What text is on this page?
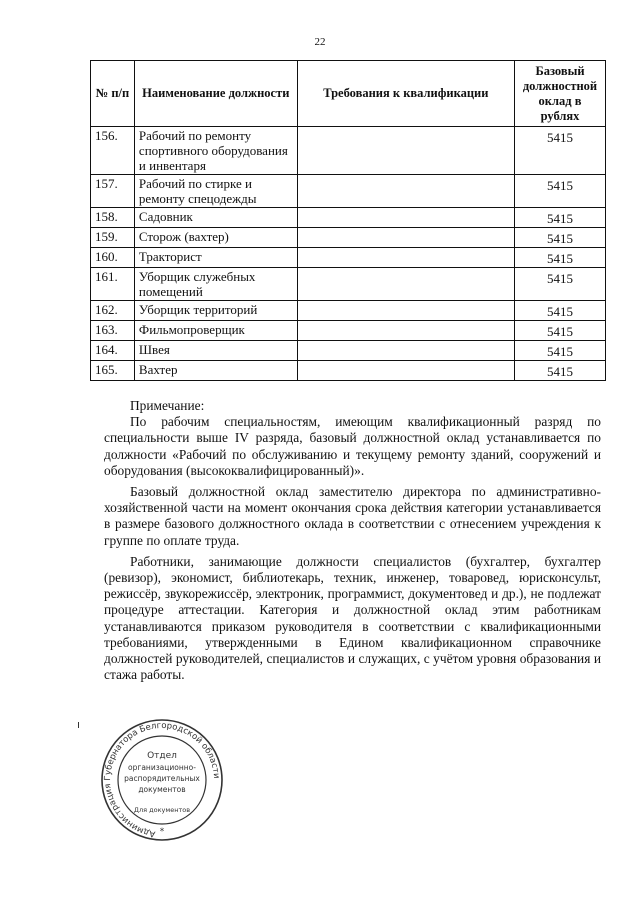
22
№ п/п	Наименование должности	Требования к квалификации	Базовый должностной оклад в рублях
156.	Рабочий по ремонту спортивного оборудования и инвентаря		5415
157.	Рабочий по стирке и ремонту спецодежды		5415
158.	Садовник		5415
159.	Сторож (вахтер)		5415
160.	Тракторист		5415
161.	Уборщик служебных помещений		5415
162.	Уборщик территорий		5415
163.	Фильмопроверщик		5415
164.	Швея		5415
165.	Вахтер		5415

Примечание:

По рабочим специальностям, имеющим квалификационный разряд по специальности выше IV разряда, базовый должностной оклад устанавливается по должности «Рабочий по обслуживанию и текущему ремонту зданий, сооружений и оборудования (высококвалифицированный)».

Базовый должностной оклад заместителю директора по административно-хозяйственной части на момент окончания срока действия категории устанавливается в размере базового должностного оклада в соответствии с отнесением учреждения к группе по оплате труда.

Работники, занимающие должности специалистов (бухгалтер, бухгалтер (ревизор), экономист, библиотекарь, техник, инженер, товаровед, юрисконсульт, режиссёр, звукорежиссёр, электроник, программист, документовед и др.), не подлежат процедуре аттестации. Категория и должностной оклад этим работникам устанавливаются приказом руководителя в соответствии с квалификационными требованиями, утвержденными в Едином квалификационном справочнике должностей руководителей, специалистов и служащих, с учётом уровня образования и стажа работы.

Администрация Губернатора Белгородской области
Отдел
организационно-
распорядительных
документов
Для документов
*
